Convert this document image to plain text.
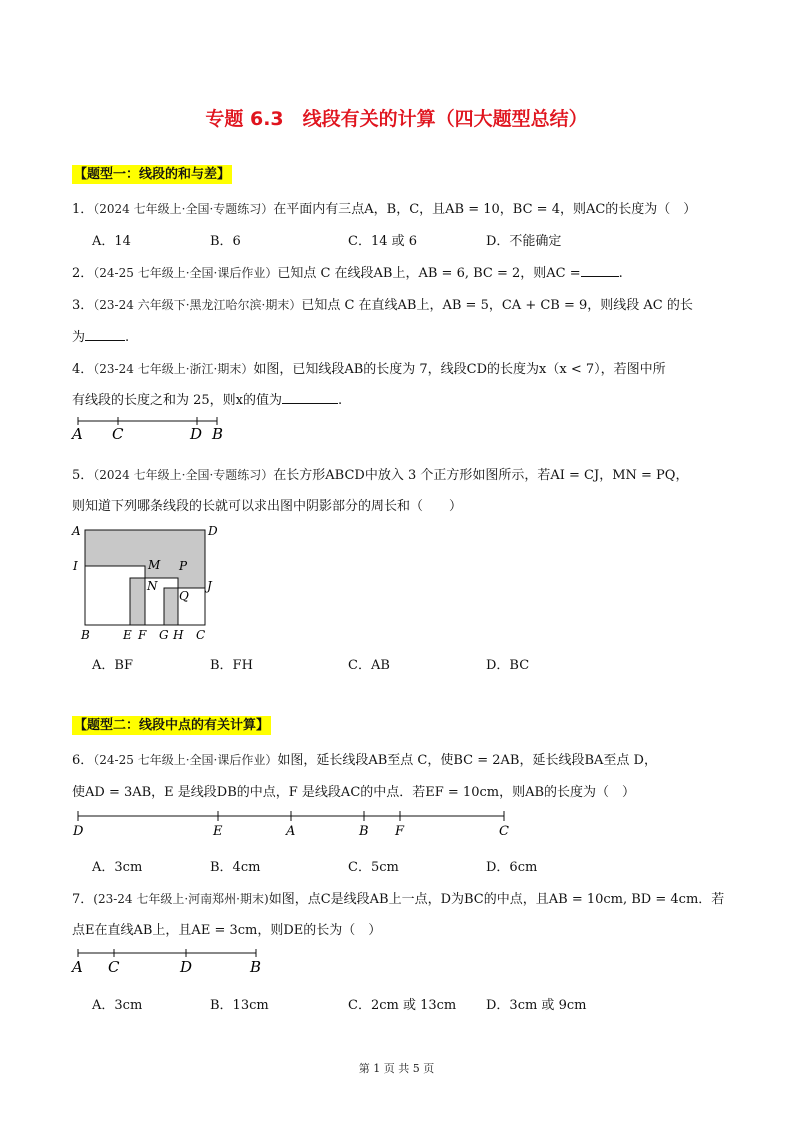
专题 6.3　线段有关的计算（四大题型总结）
【题型一：线段的和与差】
1．（2024 七年级上·全国·专题练习）在平面内有三点A，B，C，且AB = 10，BC = 4，则AC的长度为（　）
A．14	B．6	C．14 或 6	D．不能确定
2．（24-25 七年级上·全国·课后作业）已知点 C 在线段AB上，AB = 6, BC = 2，则AC =	.
3．（23-24 六年级下·黑龙江哈尔滨·期末）已知点 C 在直线AB上，AB = 5，CA + CB = 9，则线段 AC 的长
为	.
4．（23-24 七年级上·浙江·期末）如图，已知线段AB的长度为 7，线段CD的长度为x（x < 7），若图中所
有线段的长度之和为 25，则x的值为	.
A C	D B
5．（2024 七年级上·全国·专题练习）在长方形ABCD中放入 3 个正方形如图所示，若AI = CJ，MN = PQ，
则知道下列哪条线段的长就可以求出图中阴影部分的周长和（　　）
A	D
I	M P
N	J
Q
B	E F G H C
A．BF	B．FH	C．AB	D．BC
【题型二：线段中点的有关计算】
6．（24-25 七年级上·全国·课后作业）如图，延长线段AB至点 C，使BC = 2AB，延长线段BA至点 D，
使AD = 3AB，E 是线段DB的中点，F 是线段AC的中点．若EF = 10cm，则AB的长度为（　）
D	E	A	B F	C
A．3cm	B．4cm	C．5cm	D．6cm
7．(23-24 七年级上·河南郑州·期末)如图，点C是线段AB上一点，D为BC的中点，且AB = 10cm, BD = 4cm．若
点E在直线AB上，且AE = 3cm，则DE的长为（　）
A C	D	B
A．3cm	B．13cm	C．2cm 或 13cm D．3cm 或 9cm
第 1 页 共 5 页
